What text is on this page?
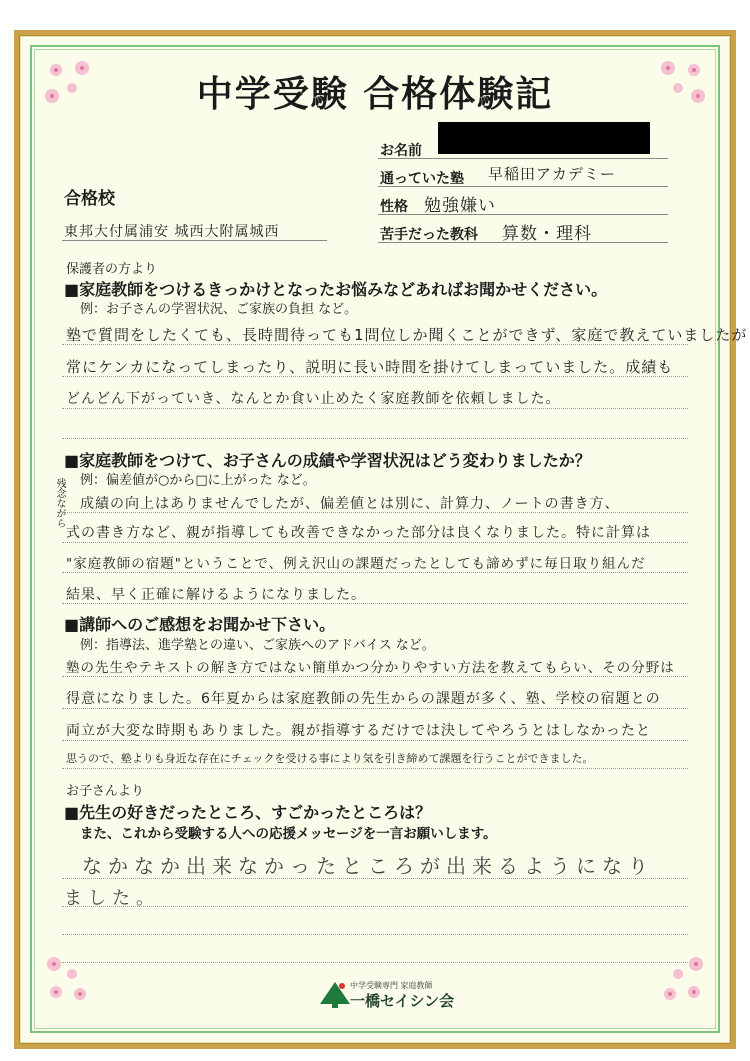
中学受験 合格体験記
お名前
通っていた塾 早稲田アカデミー
性格 勉強嫌い
苦手だった教科 算数・理科
合格校
東邦大付属浦安 城西大附属城西
保護者の方より
■家庭教師をつけるきっかけとなったお悩みなどあればお聞かせください。
例：お子さんの学習状況、ご家族の負担 など。
塾で質問をしたくても、長時間待っても1問位しか聞くことができず、家庭で教えていましたが
常にケンカになってしまったり、説明に長い時間を掛けてしまっていました。成績も
どんどん下がっていき、なんとか食い止めたく家庭教師を依頼しました。
■家庭教師をつけて、お子さんの成績や学習状況はどう変わりましたか？
例：偏差値が○から□に上がった など。
残念ながら 成績の向上はありませんでしたが、偏差値とは別に、計算力、ノートの書き方、
式の書き方など、親が指導しても改善できなかった部分は良くなりました。特に計算は
"家庭教師の宿題"ということで、例え沢山の課題だったとしても諦めずに毎日取り組んだ
結果、早く正確に解けるようになりました。
■講師へのご感想をお聞かせ下さい。
例：指導法、進学塾との違い、ご家族へのアドバイス など。
塾の先生やテキストの解き方ではない簡単かつ分かりやすい方法を教えてもらい、その分野は
得意になりました。6年夏からは家庭教師の先生からの課題が多く、塾、学校の宿題との
両立が大変な時期もありました。親が指導するだけでは決してやろうとはしなかったと
思うので、塾よりも身近な存在にチェックを受ける事により気を引き締めて課題を行うことができました。
お子さんより
■先生の好きだったところ、すごかったところは？
また、これから受験する人への応援メッセージを一言お願いします。
なかなか出来なかったところが出来るようになり
ました。
中学受験専門 家庭教師
一橋セイシン会
